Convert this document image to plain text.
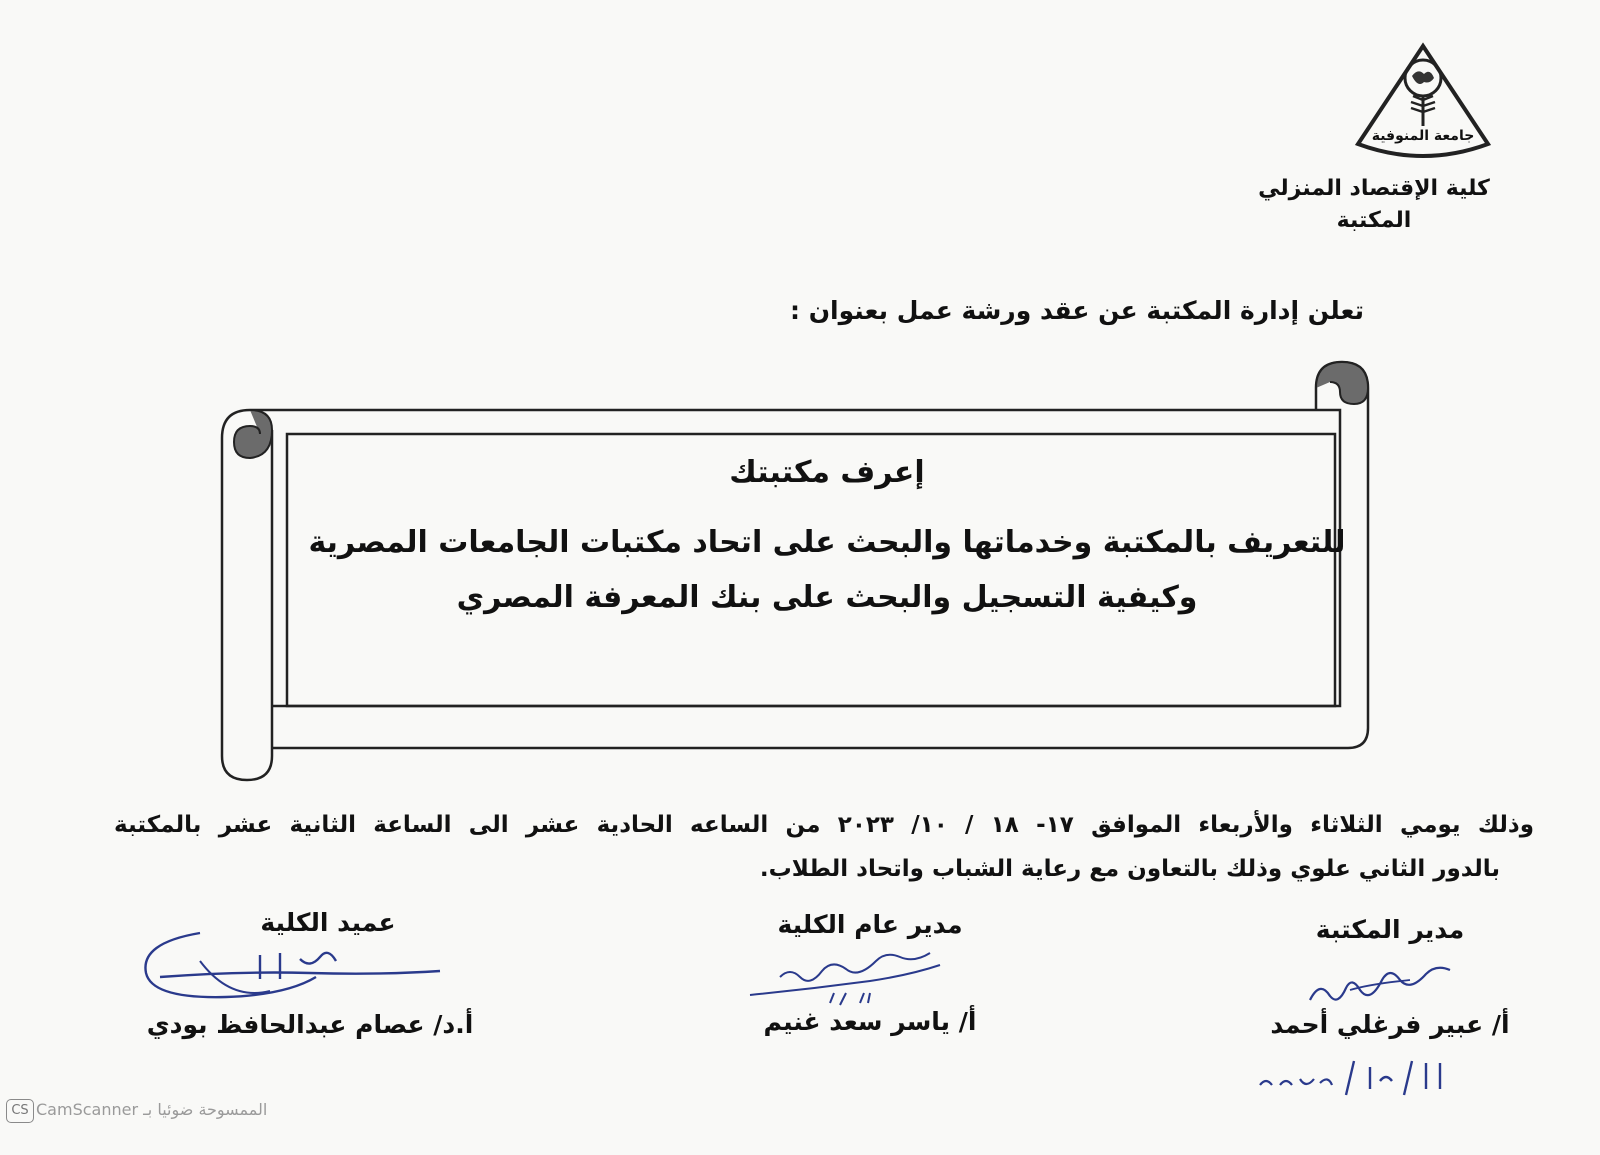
جامعة المنوفية
كلية الإقتصاد المنزلي
المكتبة
تعلن إدارة المكتبة عن عقد ورشة عمل بعنوان :
إعرف مكتبتك
للتعريف بالمكتبة وخدماتها والبحث على اتحاد مكتبات الجامعات المصرية
وكيفية التسجيل والبحث على بنك المعرفة المصري
وذلك يومي الثلاثاء والأربعاء الموافق ١٧- ١٨ / ١٠/ ٢٠٢٣ من الساعه الحادية عشر الى الساعة الثانية عشر بالمكتبة
بالدور الثاني علوي وذلك بالتعاون مع رعاية الشباب واتحاد الطلاب.
مدير المكتبة
مدير عام الكلية
عميد الكلية
أ/ عبير فرغلي أحمد
أ/ ياسر سعد غنيم
أ.د/ عصام عبدالحافظ بودي
CS الممسوحة ضوئيا بـ CamScanner
